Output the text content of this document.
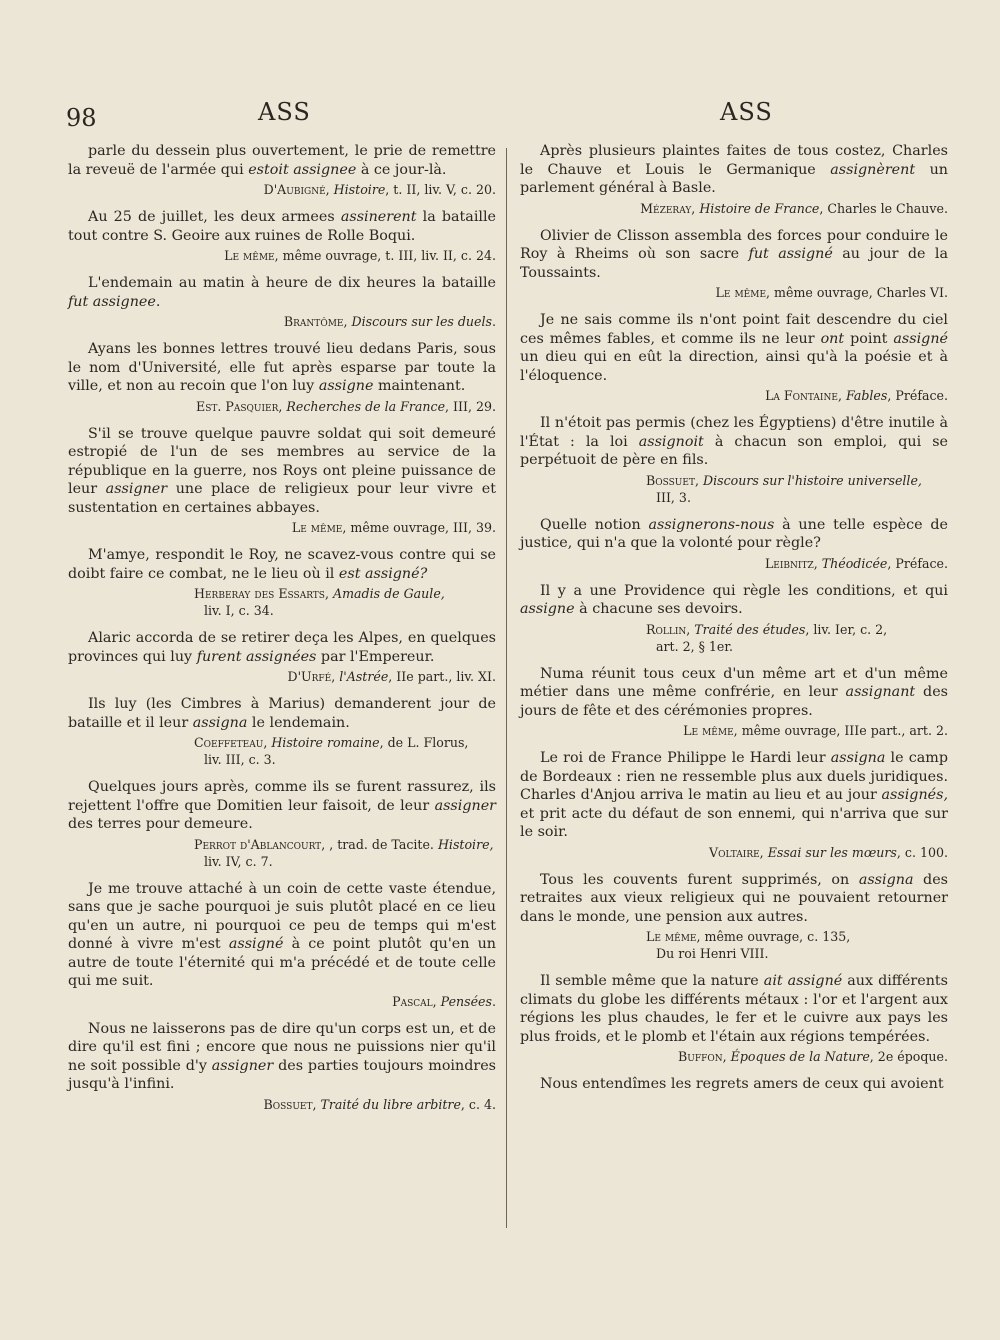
98	ASS	ASS

parle du dessein plus ouvertement, le prie de remettre la reveuë de l'armée qui estoit assignee à ce jour-là.

D'Aubigné, Histoire, t. II, liv. V, c. 20.

Au 25 de juillet, les deux armees assinerent la bataille tout contre S. Geoire aux ruines de Rolle Boqui.

Le même, même ouvrage, t. III, liv. II, c. 24.

L'endemain au matin à heure de dix heures la bataille fut assignee.

Brantôme, Discours sur les duels.

Ayans les bonnes lettres trouvé lieu dedans Paris, sous le nom d'Université, elle fut après esparse par toute la ville, et non au recoin que l'on luy assigne maintenant.

Est. Pasquier, Recherches de la France, III, 29.

S'il se trouve quelque pauvre soldat qui soit demeuré estropié de l'un de ses membres au service de la république en la guerre, nos Roys ont pleine puissance de leur assigner une place de religieux pour leur vivre et sustentation en certaines abbayes.

Le même, même ouvrage, III, 39.

M'amye, respondit le Roy, ne scavez-vous contre qui se doibt faire ce combat, ne le lieu où il est assigné?

Herberay des Essarts, Amadis de Gaule,
liv. I, c. 34.

Alaric accorda de se retirer deça les Alpes, en quelques provinces qui luy furent assignées par l'Empereur.

D'Urfé, l'Astrée, IIe part., liv. XI.

Ils luy (les Cimbres à Marius) demanderent jour de bataille et il leur assigna le lendemain.

Coeffeteau, Histoire romaine, de L. Florus,
liv. III, c. 3.

Quelques jours après, comme ils se furent rassurez, ils rejettent l'offre que Domitien leur faisoit, de leur assigner des terres pour demeure.

Perrot d'Ablancourt, , trad. de Tacite. Histoire,
liv. IV, c. 7.

Je me trouve attaché à un coin de cette vaste étendue, sans que je sache pourquoi je suis plutôt placé en ce lieu qu'en un autre, ni pourquoi ce peu de temps qui m'est donné à vivre m'est assigné à ce point plutôt qu'en un autre de toute l'éternité qui m'a précédé et de toute celle qui me suit.

Pascal, Pensées.

Nous ne laisserons pas de dire qu'un corps est un, et de dire qu'il est fini ; encore que nous ne puissions nier qu'il ne soit possible d'y assigner des parties toujours moindres jusqu'à l'infini.

Bossuet, Traité du libre arbitre, c. 4.

Après plusieurs plaintes faites de tous costez, Charles le Chauve et Louis le Germanique assignèrent un parlement général à Basle.

Mézeray, Histoire de France, Charles le Chauve.

Olivier de Clisson assembla des forces pour conduire le Roy à Rheims où son sacre fut assigné au jour de la Toussaints.

Le même, même ouvrage, Charles VI.

Je ne sais comme ils n'ont point fait descendre du ciel ces mêmes fables, et comme ils ne leur ont point assigné un dieu qui en eût la direction, ainsi qu'à la poésie et à l'éloquence.

La Fontaine, Fables, Préface.

Il n'étoit pas permis (chez les Égyptiens) d'être inutile à l'État : la loi assignoit à chacun son emploi, qui se perpétuoit de père en fils.

Bossuet, Discours sur l'histoire universelle,
III, 3.

Quelle notion assignerons-nous à une telle espèce de justice, qui n'a que la volonté pour règle?

Leibnitz, Théodicée, Préface.

Il y a une Providence qui règle les conditions, et qui assigne à chacune ses devoirs.

Rollin, Traité des études, liv. Ier, c. 2,
art. 2, § 1er.

Numa réunit tous ceux d'un même art et d'un même métier dans une même confrérie, en leur assignant des jours de fête et des cérémonies propres.

Le même, même ouvrage, IIIe part., art. 2.

Le roi de France Philippe le Hardi leur assigna le camp de Bordeaux : rien ne ressemble plus aux duels juridiques. Charles d'Anjou arriva le matin au lieu et au jour assignés, et prit acte du défaut de son ennemi, qui n'arriva que sur le soir.

Voltaire, Essai sur les mœurs, c. 100.

Tous les couvents furent supprimés, on assigna des retraites aux vieux religieux qui ne pouvaient retourner dans le monde, une pension aux autres.

Le même, même ouvrage, c. 135,
Du roi Henri VIII.

Il semble même que la nature ait assigné aux différents climats du globe les différents métaux : l'or et l'argent aux régions les plus chaudes, le fer et le cuivre aux pays les plus froids, et le plomb et l'étain aux régions tempérées.

Buffon, Époques de la Nature, 2e époque.

Nous entendîmes les regrets amers de ceux qui avoient
